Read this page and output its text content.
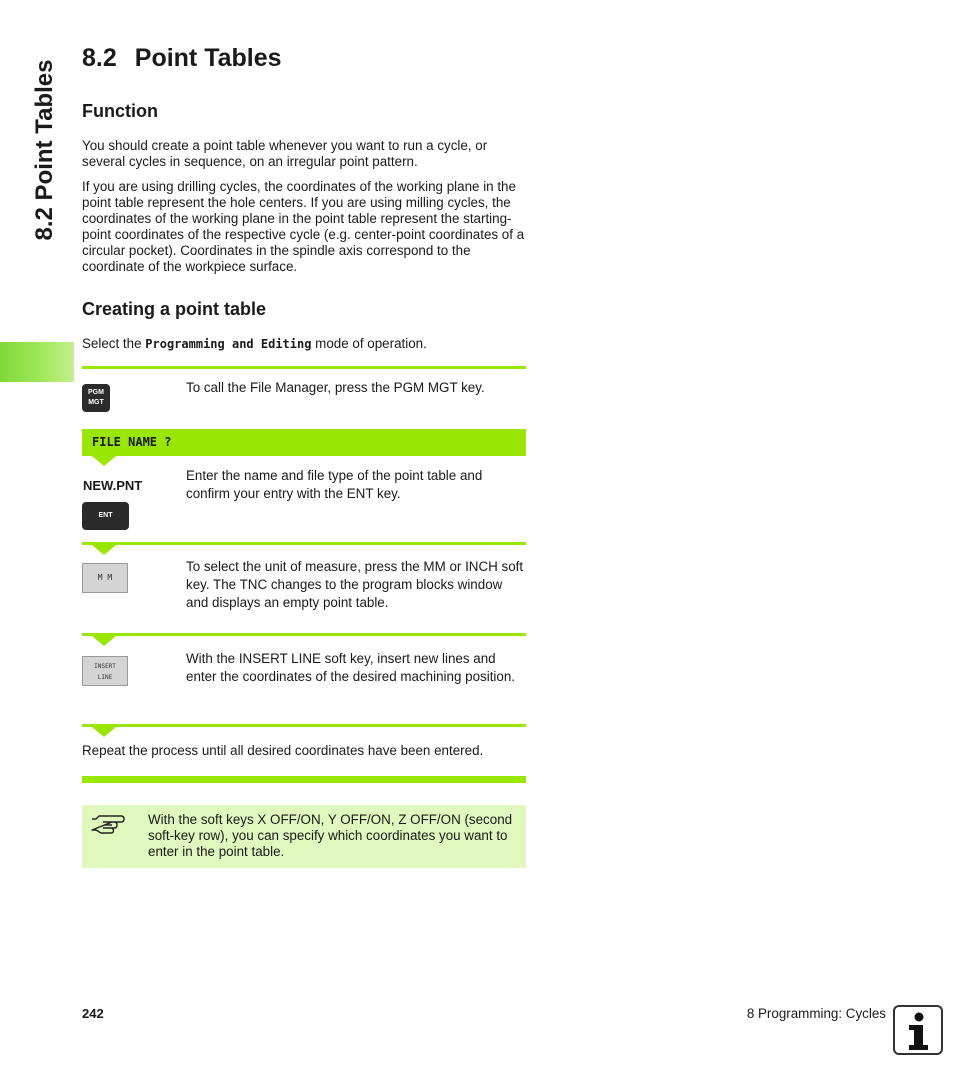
8.2 Point Tables
8.2 Point Tables
Function

You should create a point table whenever you want to run a cycle, or several cycles in sequence, on an irregular point pattern.

If you are using drilling cycles, the coordinates of the working plane in the point table represent the hole centers. If you are using milling cycles, the coordinates of the working plane in the point table represent the starting-point coordinates of the respective cycle (e.g. center-point coordinates of a circular pocket). Coordinates in the spindle axis correspond to the coordinate of the workpiece surface.

Creating a point table

Select the Programming and Editing mode of operation.

PGM
MGT

To call the File Manager, press the PGM MGT key.

FILE NAME ?
NEW.PNT
ENT

Enter the name and file type of the point table and confirm your entry with the ENT key.

M M

To select the unit of measure, press the MM or INCH soft key. The TNC changes to the program blocks window and displays an empty point table.

INSERT
LINE

With the INSERT LINE soft key, insert new lines and enter the coordinates of the desired machining position.

Repeat the process until all desired coordinates have been entered.

With the soft keys X OFF/ON, Y OFF/ON, Z OFF/ON (second soft-key row), you can specify which coordinates you want to enter in the point table.

242	8 Programming: Cycles
